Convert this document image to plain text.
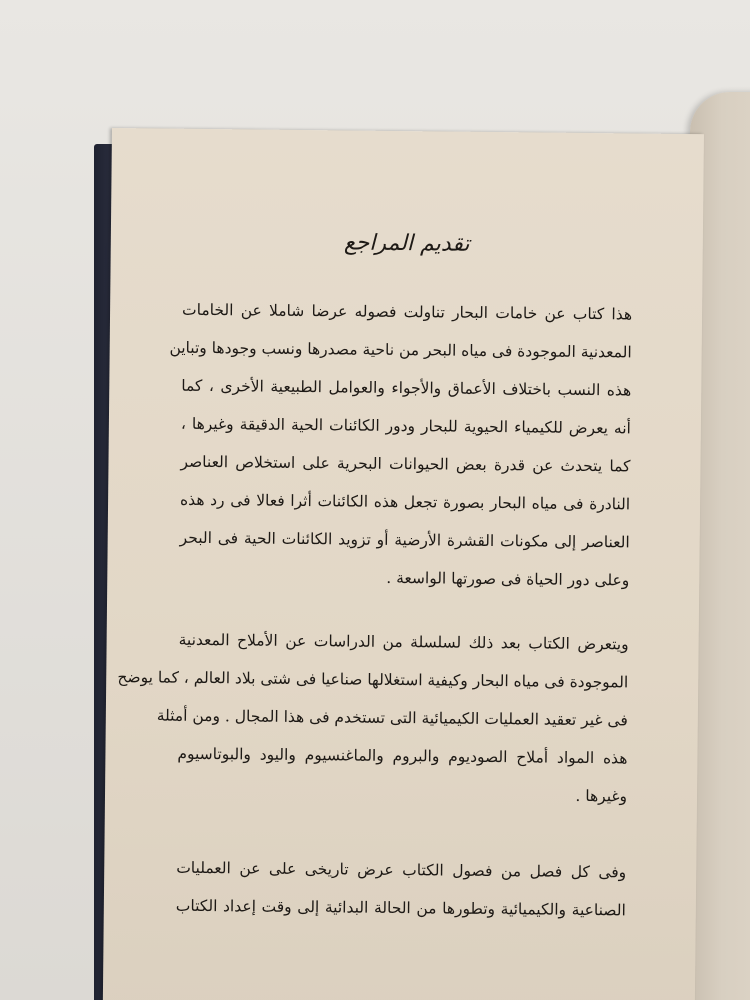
تقديم المراجع
هذا كتاب عن خامات البحار تناولت فصوله عرضا شاملا عن الخامات
المعدنية الموجودة فى مياه البحر من ناحية مصدرها ونسب وجودها وتباين
هذه النسب باختلاف الأعماق والأجواء والعوامل الطبيعية الأخرى ، كما
أنه يعرض للكيمياء الحيوية للبحار ودور الكائنات الحية الدقيقة وغيرها ،
كما يتحدث عن قدرة بعض الحيوانات البحرية على استخلاص العناصر
النادرة فى مياه البحار بصورة تجعل هذه الكائنات أثرا فعالا فى رد هذه
العناصر إلى مكونات القشرة الأرضية أو تزويد الكائنات الحية فى البحر
وعلى دور الحياة فى صورتها الواسعة .
ويتعرض الكتاب بعد ذلك لسلسلة من الدراسات عن الأملاح المعدنية
الموجودة فى مياه البحار وكيفية استغلالها صناعيا فى شتى بلاد العالم ، كما يوضح
فى غير تعقيد العمليات الكيميائية التى تستخدم فى هذا المجال . ومن أمثلة
هذه المواد أملاح الصوديوم والبروم والماغنسيوم واليود والبوتاسيوم
وغيرها .
وفى كل فصل من فصول الكتاب عرض تاريخى على عن العمليات
الصناعية والكيميائية وتطورها من الحالة البدائية إلى وقت إعداد الكتاب
